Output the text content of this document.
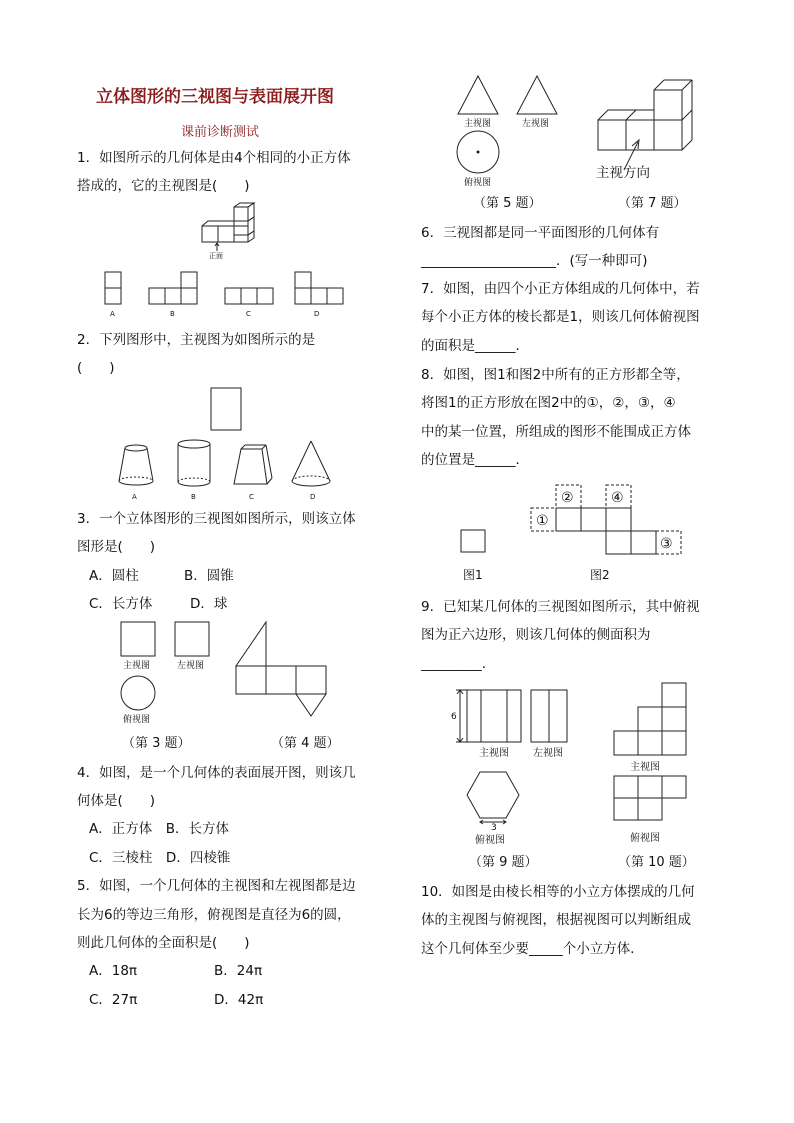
立体图形的三视图与表面展开图
课前诊断测试
1．如图所示的几何体是由4个相同的小正方体
搭成的，它的主视图是(　　)
正面
A	B	C	D
2．下列图形中，主视图为如图所示的是
(　　)
A	B	C	D
3．一个立体图形的三视图如图所示，则该立体
图形是(　　)
A．圆柱	B．圆锥
C．长方体	D．球
主视图	左视图
俯视图
（第 3 题）	（第 4 题）
4．如图，是一个几何体的表面展开图，则该几
何体是(　　)
A．正方体　B．长方体
C．三棱柱　D．四棱锥
5．如图，一个几何体的主视图和左视图都是边
长为6的等边三角形，俯视图是直径为6的圆，
则此几何体的全面积是(　　)
A．18π	B．24π
C．27π	D．42π
主视图	左视图
俯视图
主视方向
（第 5 题）	（第 7 题）
6．三视图都是同一平面图形的几何体有
____________________．(写一种即可)
7．如图，由四个小正方体组成的几何体中，若
每个小正方体的棱长都是1，则该几何体俯视图
的面积是______．
8．如图，图1和图2中所有的正方形都全等，
将图1的正方形放在图2中的①，②，③，④
中的某一位置，所组成的图形不能围成正方体
的位置是______．
①
②
③
④
图1	图2
9．已知某几何体的三视图如图所示，其中俯视
图为正六边形，则该几何体的侧面积为
_________．
6
3
主视图 左视图
俯视图
主视图
俯视图
（第 9 题）	（第 10 题）
10．如图是由棱长相等的小立方体摆成的几何
体的主视图与俯视图，根据视图可以判断组成
这个几何体至少要_____个小立方体．
